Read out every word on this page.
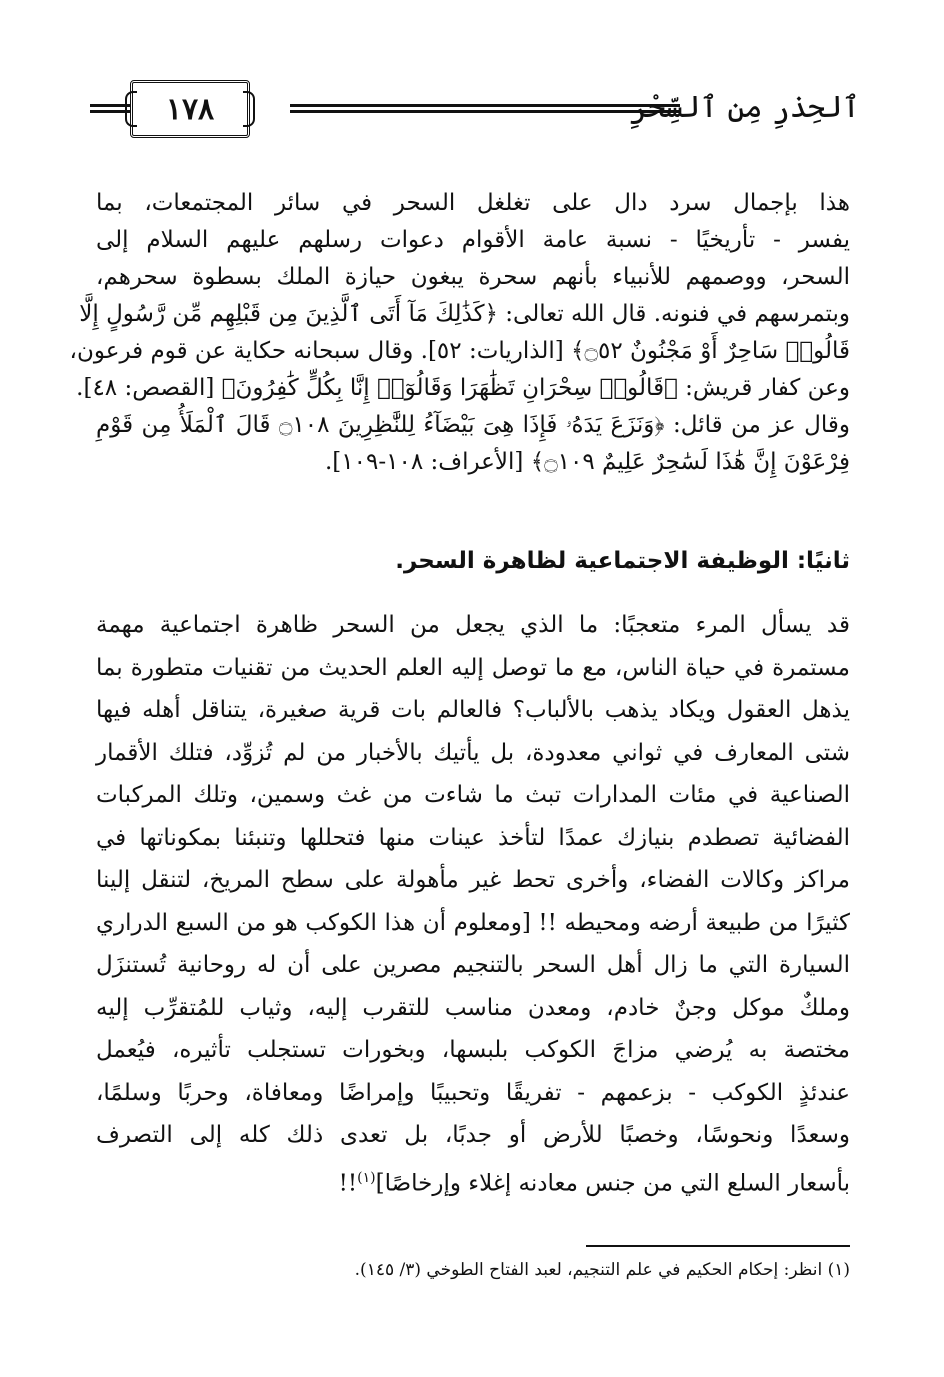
١٧٨	ٱلحِذرِ مِن ٱلسِّحْرِ
هذا بإجمال سرد دال على تغلغل السحر في سائر المجتمعات، بما
يفسر - تأريخيًا - نسبة عامة الأقوام دعوات رسلهم عليهم السلام إلى
السحر، ووصمهم للأنبياء بأنهم سحرة يبغون حيازة الملك بسطوة سحرهم،
وبتمرسهم في فنونه. قال الله تعالى: ﴿كَذَٰلِكَ مَآ أَتَى ٱلَّذِينَ مِن قَبْلِهِم مِّن رَّسُولٍ إِلَّا
قَالُوا۟ سَاحِرٌ أَوْ مَجْنُونٌ ۝٥٢﴾ [الذاريات: ٥٢]. وقال سبحانه حكاية عن قوم فرعون،
وعن كفار قريش: ﴿قَالُوا۟ سِحْرَانِ تَظَٰهَرَا وَقَالُوٓا۟ إِنَّا بِكُلٍّ كَٰفِرُونَ﴾ [القصص: ٤٨].
وقال عز من قائل: ﴿وَنَزَعَ يَدَهُۥ فَإِذَا هِىَ بَيْضَآءُ لِلنَّٰظِرِينَ ۝١٠٨ قَالَ ٱلْمَلَأُ مِن قَوْمِ
فِرْعَوْنَ إِنَّ هَٰذَا لَسَٰحِرٌ عَلِيمٌ ۝١٠٩﴾ [الأعراف: ١٠٨-١٠٩].
ثانيًا: الوظيفة الاجتماعية لظاهرة السحر.
قد يسأل المرء متعجبًا: ما الذي يجعل من السحر ظاهرة اجتماعية مهمة
مستمرة في حياة الناس، مع ما توصل إليه العلم الحديث من تقنيات متطورة بما
يذهل العقول ويكاد يذهب بالألباب؟ فالعالم بات قرية صغيرة، يتناقل أهله فيها
شتى المعارف في ثواني معدودة، بل يأتيك بالأخبار من لم تُزوِّد، فتلك الأقمار
الصناعية في مئات المدارات تبث ما شاءت من غث وسمين، وتلك المركبات
الفضائية تصطدم بنيازك عمدًا لتأخذ عينات منها فتحللها وتنبئنا بمكوناتها في
مراكز وكالات الفضاء، وأخرى تحط غير مأهولة على سطح المريخ، لتنقل إلينا
كثيرًا من طبيعة أرضه ومحيطه !! [ومعلوم أن هذا الكوكب هو من السبع الدراري
السيارة التي ما زال أهل السحر بالتنجيم مصرين على أن له روحانية تُستنزَل
وملكٌ موكل وجنٌ خادم، ومعدن مناسب للتقرب إليه، وثياب للمُتقرِّب إليه
مختصة به يُرضي مزاجَ الكوكب بلبسها، وبخورات تستجلب تأثيره، فيُعمل
عندئذٍ الكوكب - بزعمهم - تفريقًا وتحبيبًا وإمراضًا ومعافاة، وحربًا وسلمًا،
وسعدًا ونحوسًا، وخصبًا للأرض أو جدبًا، بل تعدى ذلك كله إلى التصرف
بأسعار السلع التي من جنس معادنه إغلاء وإرخاصًا]$^{(١)}$!!
(١) انظر: إحكام الحكيم في علم التنجيم، لعبد الفتاح الطوخي (٣/ ١٤٥).
